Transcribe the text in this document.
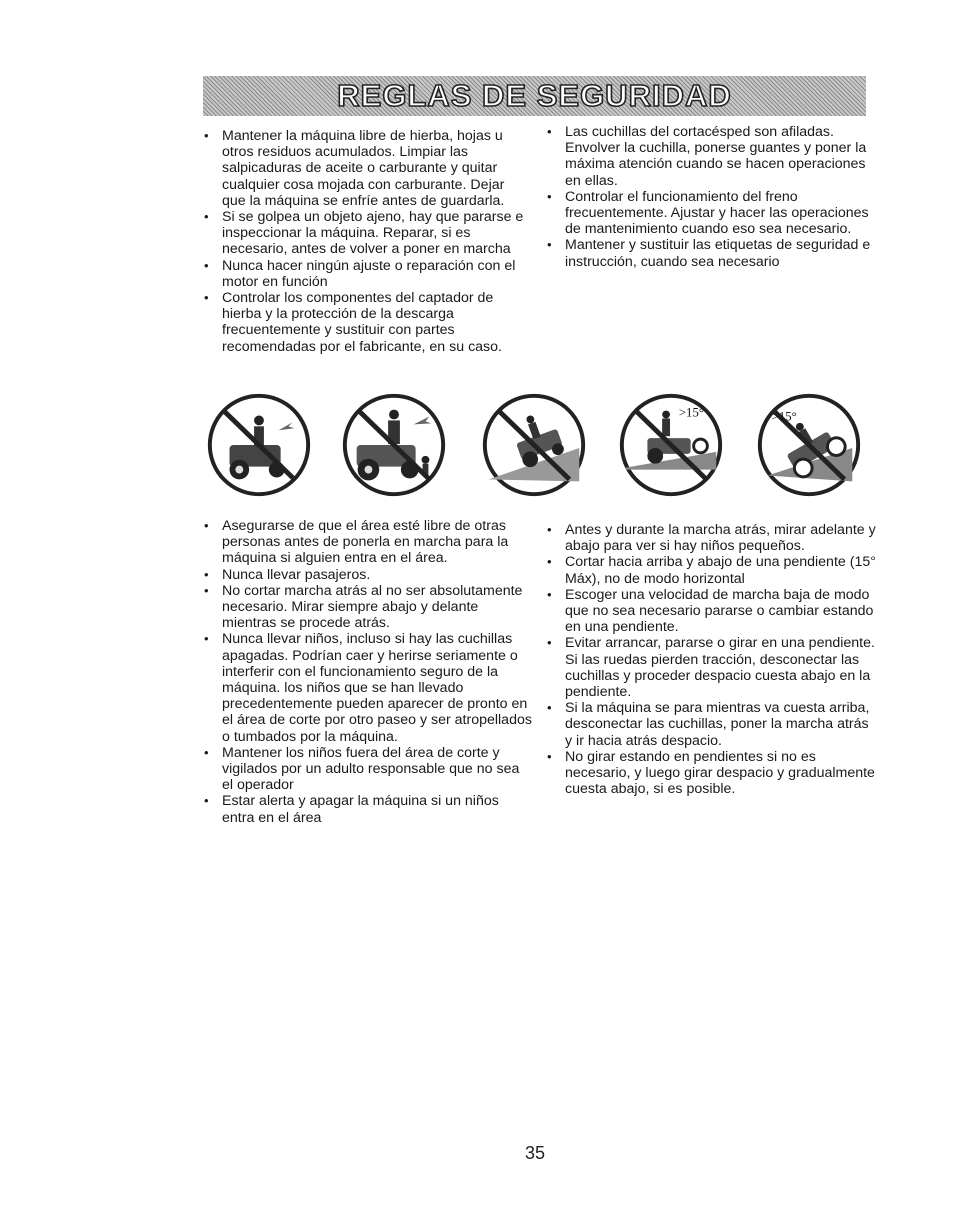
REGLAS DE SEGURIDAD
• Mantener la máquina libre de hierba, hojas u otros residuos acumulados. Limpiar las salpicaduras de aceite o carburante y quitar cualquier cosa mojada con carburante. Dejar que la máquina se enfríe antes de guardarla.
• Si se golpea un objeto ajeno, hay que pararse e inspeccionar la máquina. Reparar, si es necesario, antes de volver a poner en marcha
• Nunca hacer ningún ajuste o reparación con el motor en función
• Controlar los componentes del captador de hierba y la protección de la descarga frecuentemente y sustituir con partes recomendadas por el fabricante, en su caso.
• Las cuchillas del cortacésped son afiladas. Envolver la cuchilla, ponerse guantes y poner la máxima atención cuando se hacen operaciones en ellas.
• Controlar el funcionamiento del freno frecuentemente. Ajustar y hacer las operaciones de mantenimiento cuando eso sea necesario.
• Mantener y sustituir las etiquetas de seguridad e instrucción, cuando sea necesario
>15°	>15°
• Asegurarse de que el área esté libre de otras personas antes de ponerla en marcha para la máquina si alguien entra en el área.
• Nunca llevar pasajeros.
• No cortar marcha atrás al no ser absolutamente necesario. Mirar siempre abajo y delante mientras se procede atrás.
• Nunca llevar niños, incluso si hay las cuchillas apagadas. Podrían caer y herirse seriamente o interferir con el funcionamiento seguro de la máquina. los niños que se han llevado precedentemente pueden aparecer de pronto en el área de corte por otro paseo y ser atropellados o tumbados por la máquina.
• Mantener los niños fuera del área de corte y vigilados por un adulto responsable que no sea el operador
• Estar alerta y apagar la máquina si un niños entra en el área
• Antes y durante la marcha atrás, mirar adelante y abajo para ver si hay niños pequeños.
• Cortar hacia arriba y abajo de una pendiente (15° Máx), no de modo horizontal
• Escoger una velocidad de marcha baja de modo que no sea necesario pararse o cambiar estando en una pendiente.
• Evitar arrancar, pararse o girar en una pendiente. Si las ruedas pierden tracción, desconectar las cuchillas y proceder despacio cuesta abajo en la pendiente.
• Si la máquina se para mientras va cuesta arriba, desconectar las cuchillas, poner la marcha atrás y ir hacia atrás despacio.
• No girar estando en pendientes si no es necesario, y luego girar despacio y gradualmente cuesta abajo, si es posible.
35
